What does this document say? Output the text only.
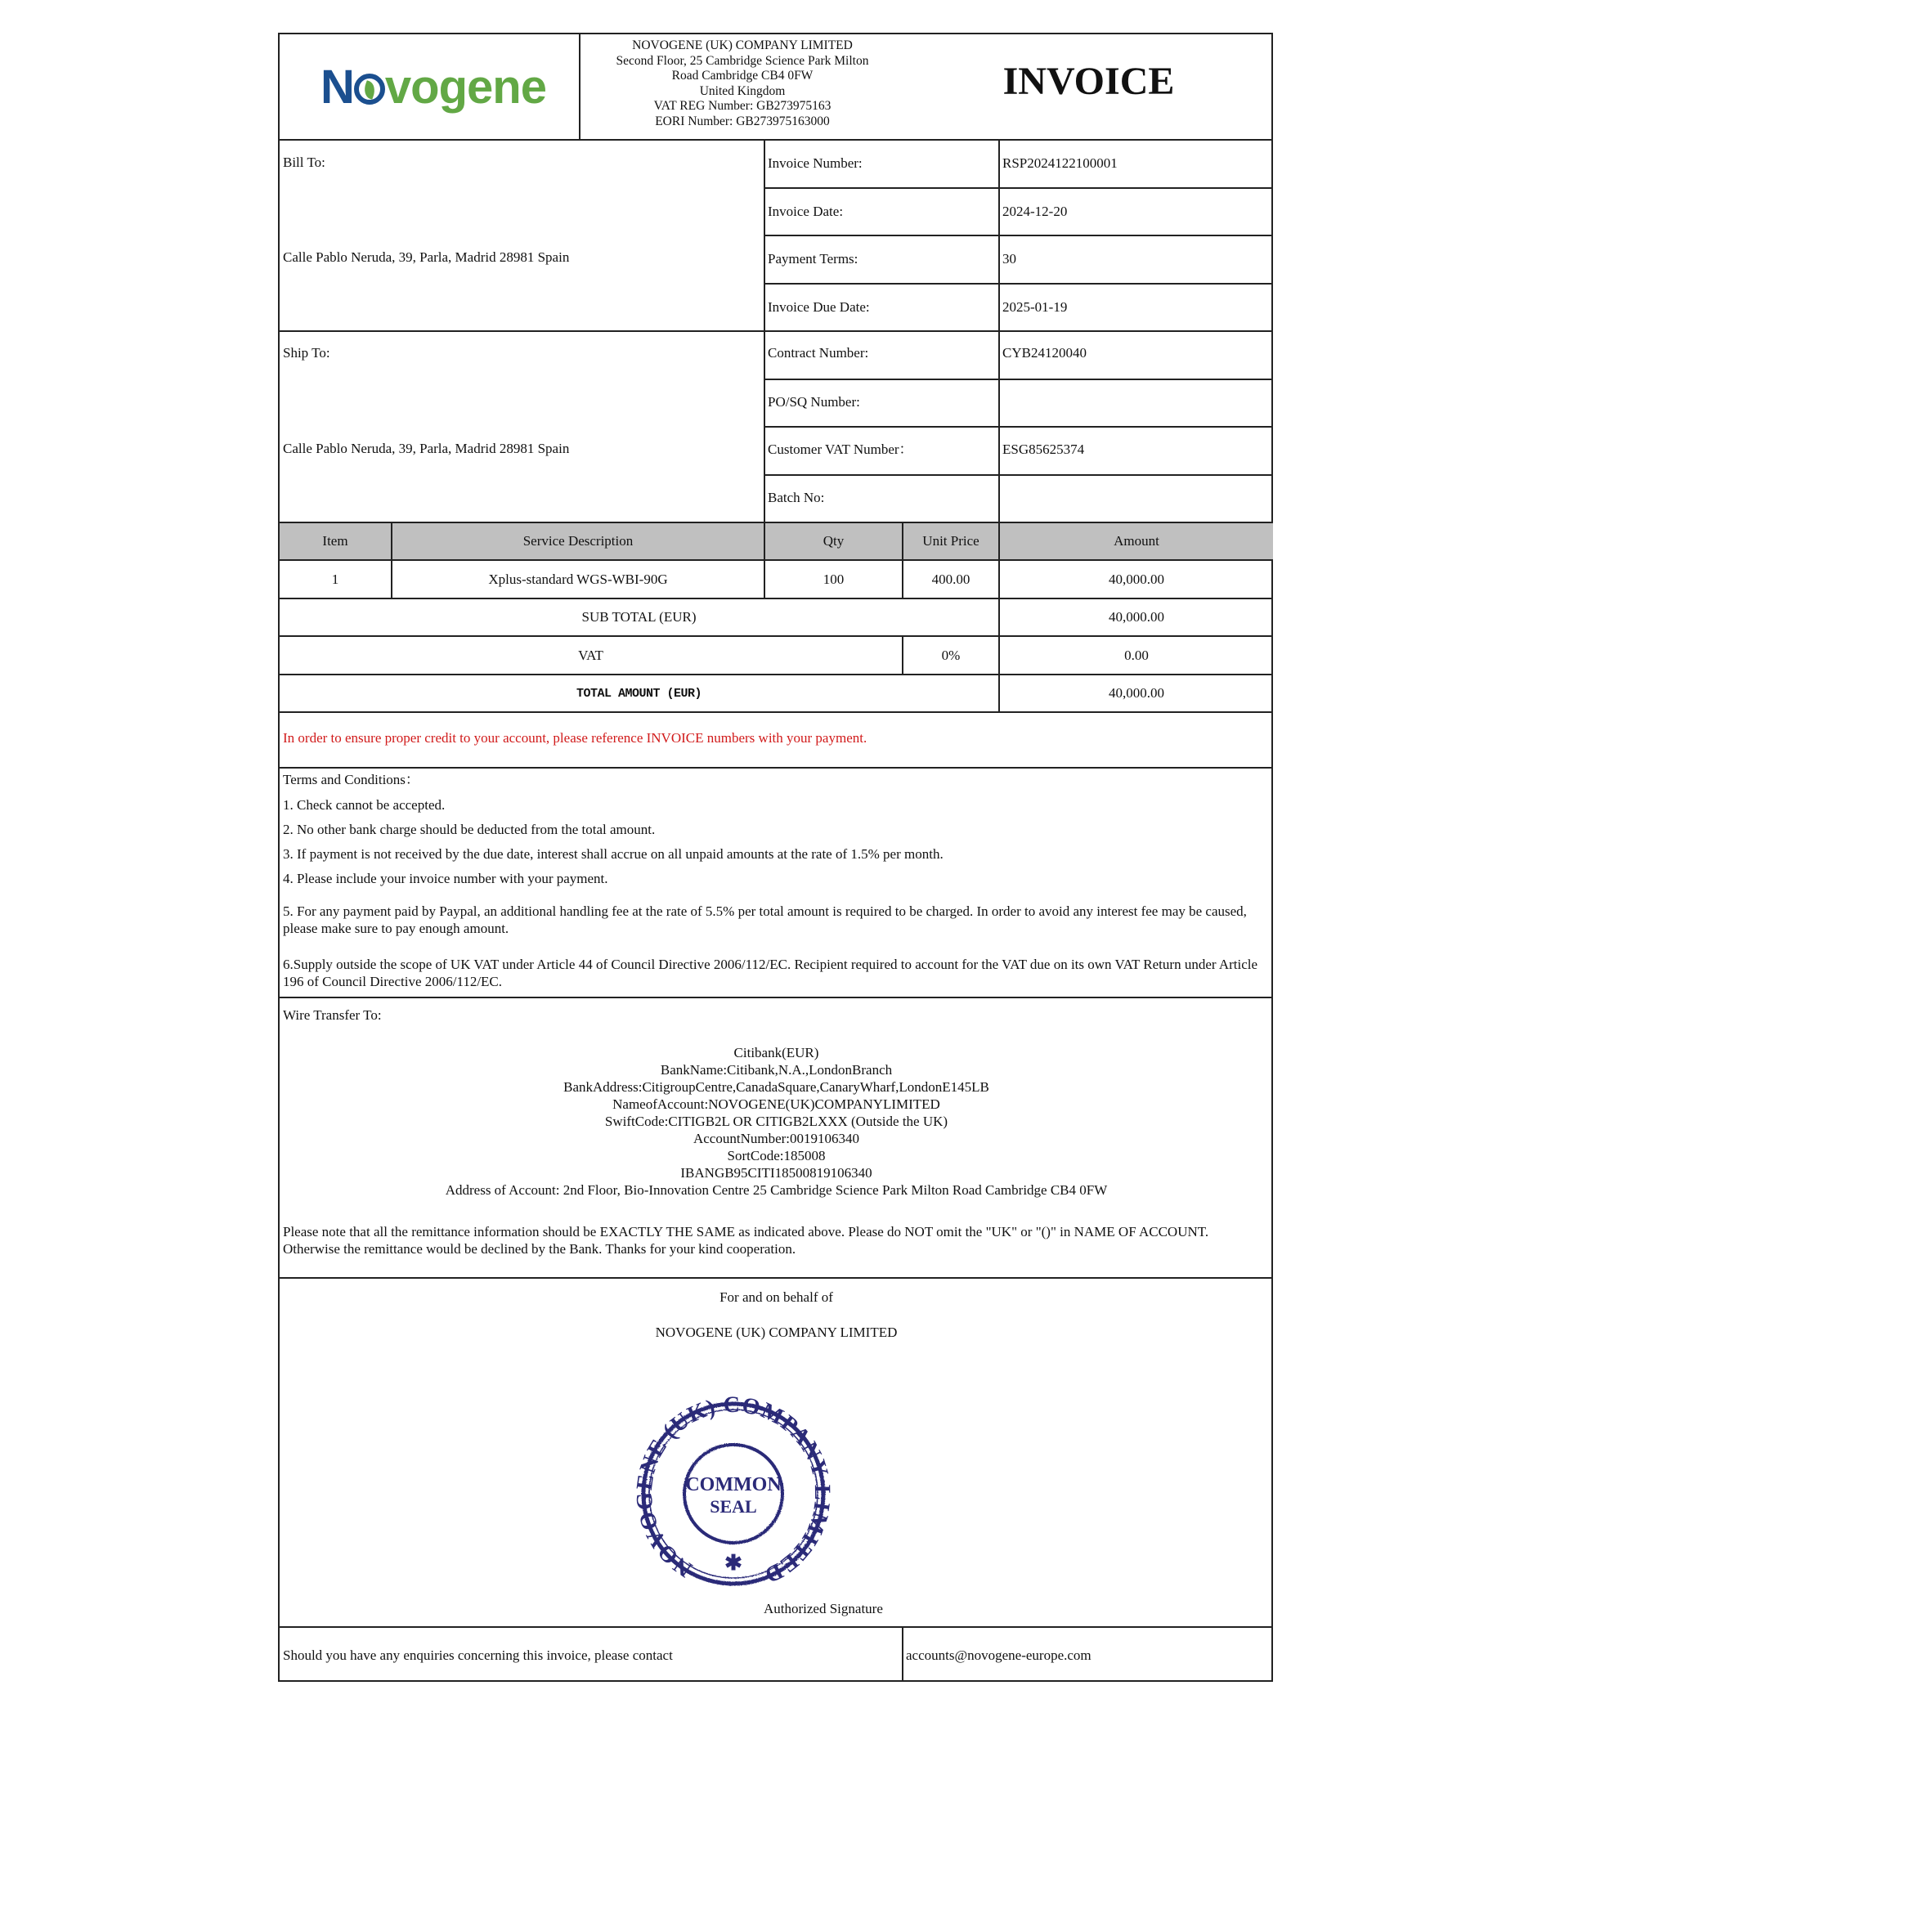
N vogene
NOVOGENE (UK) COMPANY LIMITED
Second Floor, 25 Cambridge Science Park Milton
Road Cambridge CB4 0FW
United Kingdom
VAT REG Number: GB273975163
EORI Number: GB273975163000
INVOICE
Bill To:
Calle Pablo Neruda, 39, Parla, Madrid 28981 Spain
Ship To:
Calle Pablo Neruda, 39, Parla, Madrid 28981 Spain
Invoice Number:	RSP2024122100001
Invoice Date:	2024-12-20
Payment Terms:	30
Invoice Due Date:	2025-01-19
Contract Number:	CYB24120040
PO/SQ Number:
Customer VAT Number：	ESG85625374
Batch No:
Item	Service Description	Qty	Unit Price	Amount
1	Xplus-standard WGS-WBI-90G	100	400.00	40,000.00
SUB TOTAL (EUR)	40,000.00
VAT	0%	0.00
TOTAL AMOUNT (EUR)	40,000.00
In order to ensure proper credit to your account, please reference INVOICE numbers with your payment.
Terms and Conditions：
1. Check cannot be accepted.
2. No other bank charge should be deducted from the total amount.
3. If payment is not received by the due date, interest shall accrue on all unpaid amounts at the rate of 1.5% per month.
4. Please include your invoice number with your payment.
5. For any payment paid by Paypal, an additional handling fee at the rate of 5.5% per total amount is required to be charged. In order to avoid any interest fee may be caused, please make sure to pay enough amount.
6.Supply outside the scope of UK VAT under Article 44 of Council Directive 2006/112/EC. Recipient required to account for the VAT due on its own VAT Return under Article 196 of Council Directive 2006/112/EC.
Wire Transfer To:
Citibank(EUR)
BankName:Citibank,N.A.,LondonBranch
BankAddress:CitigroupCentre,CanadaSquare,CanaryWharf,LondonE145LB
NameofAccount:NOVOGENE(UK)COMPANYLIMITED
SwiftCode:CITIGB2L OR CITIGB2LXXX (Outside the UK)
AccountNumber:0019106340
SortCode:185008
IBANGB95CITI18500819106340
Address of Account: 2nd Floor, Bio-Innovation Centre 25 Cambridge Science Park Milton Road Cambridge CB4 0FW
Please note that all the remittance information should be EXACTLY THE SAME as indicated above. Please do NOT omit the "UK" or "()" in NAME OF ACCOUNT. Otherwise the remittance would be declined by the Bank. Thanks for your kind cooperation.
For and on behalf of
NOVOGENE (UK) COMPANY LIMITED
NOVOGENE (UK) COMPANY LIMITED
COMMON
SEAL
✱
Authorized Signature
Should you have any enquiries concerning this invoice, please contact	accounts@novogene-europe.com
